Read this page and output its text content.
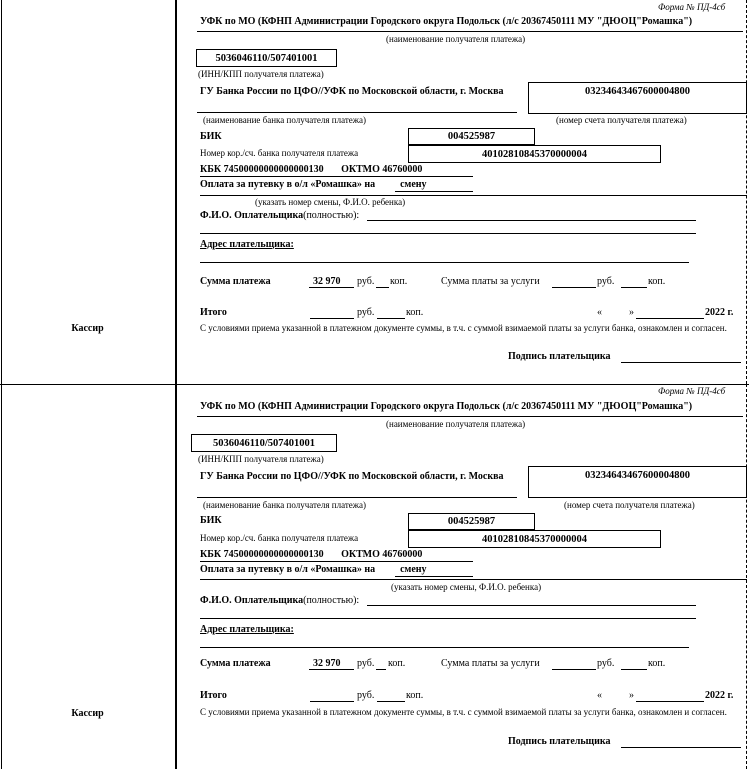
Форма № ПД-4сб
УФК по МО (КФНП Администрации Городского округа Подольск (л/с 20367450111 МУ "ДЮОЦ"Ромашка")
(наименование получателя платежа)
5036046110/507401001
(ИНН/КПП получателя платежа)
ГУ Банка России по ЦФО//УФК по Московской области, г. Москва	03234643467600004800
(наименование банка получателя платежа)	(номер счета получателя платежа)
БИК	004525987
Номер кор./сч. банка получателя платежа	40102810845370000004
КБК 74500000000000000130       ОКТМО 46760000
Оплата за путевку в о/л «Ромашка» на          смену
(указать номер смены, Ф.И.О. ребенка)
Ф.И.О. Оплательщика(полностью):
Адрес плательщика:
Сумма платежа	32 970 руб. коп.	Сумма платы за услуги	руб.	коп.
Итого	руб.	коп.	«	»	2022 г.
С условиями приема указанной в платежном документе суммы, в т.ч. с суммой взимаемой платы за услуги банка, ознакомлен и согласен.
Подпись плательщика
Кассир
Форма № ПД-4сб
УФК по МО (КФНП Администрации Городского округа Подольск (л/с 20367450111 МУ "ДЮОЦ"Ромашка")
(наименование получателя платежа)
5036046110/507401001
(ИНН/КПП получателя платежа)
ГУ Банка России по ЦФО//УФК по Московской области, г. Москва	03234643467600004800
(наименование банка получателя платежа)	(номер счета получателя платежа)
БИК	004525987
Номер кор./сч. банка получателя платежа	40102810845370000004
КБК 74500000000000000130       ОКТМО 46760000
Оплата за путевку в о/л «Ромашка» на          смену
(указать номер смены, Ф.И.О. ребенка)
Ф.И.О. Оплательщика(полностью):
Адрес плательщика:
Сумма платежа	32 970 руб. коп.	Сумма платы за услуги	руб.	коп.
Итого	руб.	коп.	«	»	2022 г.
С условиями приема указанной в платежном документе суммы, в т.ч. с суммой взимаемой платы за услуги банка, ознакомлен и согласен.
Подпись плательщика
Кассир
